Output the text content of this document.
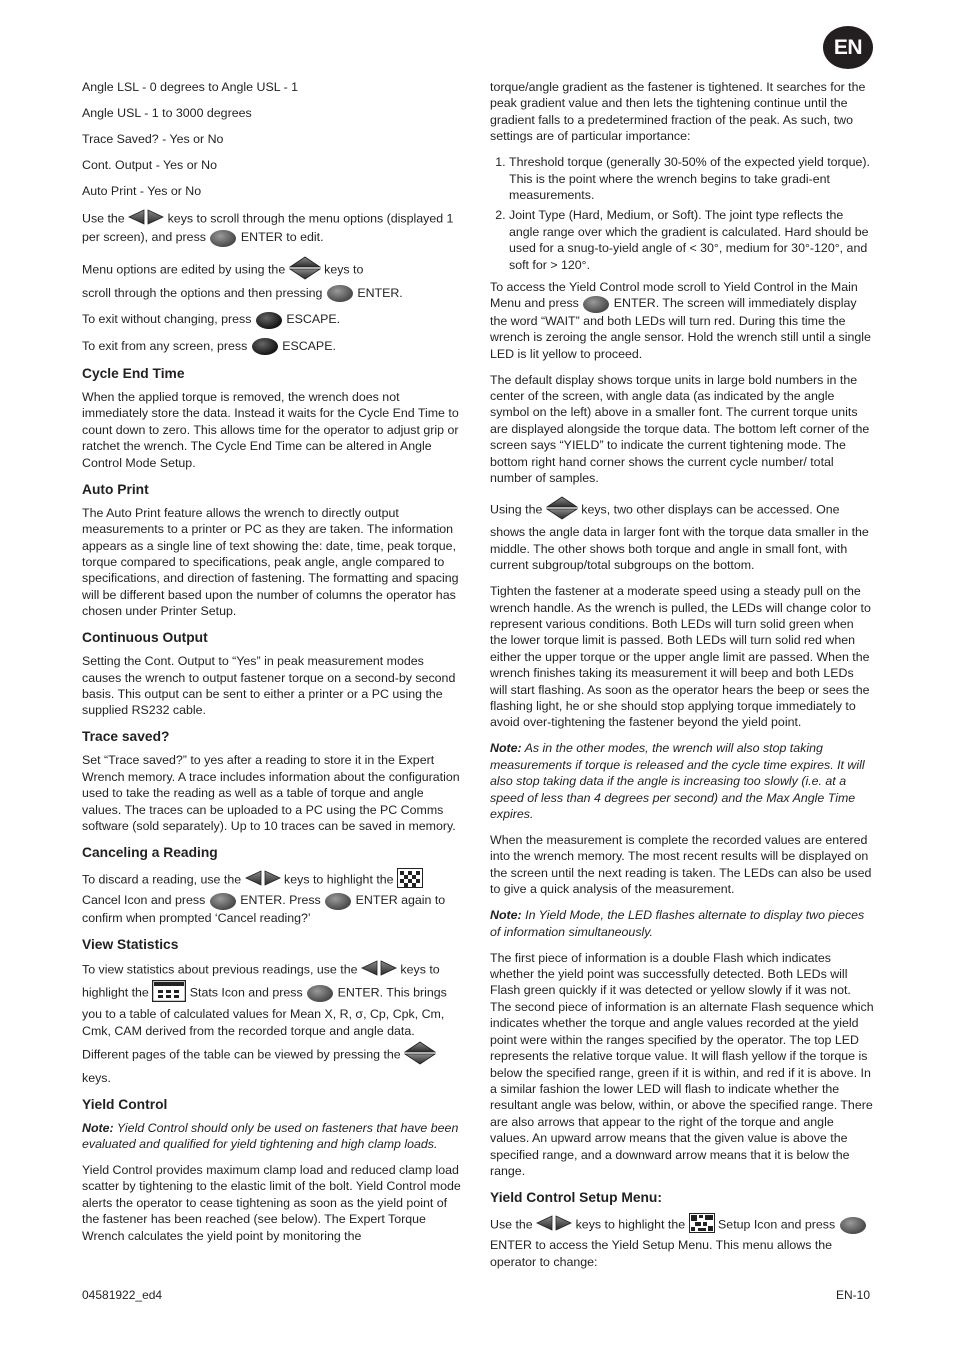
EN

Angle LSL - 0 degrees to Angle USL - 1

Angle USL - 1 to 3000 degrees

Trace Saved? - Yes or No

Cont. Output - Yes or No

Auto Print - Yes or No

Use the	keys to scroll through the menu options (displayed 1 per screen), and press	ENTER to edit.

Menu options are edited by using the	keys to
scroll through the options and then pressing	ENTER.

To exit without changing, press	ESCAPE.

To exit from any screen, press	ESCAPE.

Cycle End Time

When the applied torque is removed, the wrench does not immediately store the data. Instead it waits for the Cycle End Time to count down to zero. This allows time for the operator to adjust grip or ratchet the wrench. The Cycle End Time can be altered in Angle Control Mode Setup.

Auto Print

The Auto Print feature allows the wrench to directly output measurements to a printer or PC as they are taken. The information appears as a single line of text showing the: date, time, peak torque, torque compared to specifications, peak angle, angle compared to specifications, and direction of fastening. The formatting and spacing will be different based upon the number of columns the operator has chosen under Printer Setup.

Continuous Output

Setting the Cont. Output to “Yes” in peak measurement modes causes the wrench to output fastener torque on a second-by second basis. This output can be sent to either a printer or a PC using the supplied RS232 cable.

Trace saved?

Set “Trace saved?” to yes after a reading to store it in the Expert Wrench memory. A trace includes information about the configuration used to take the reading as well as a table of torque and angle values. The traces can be uploaded to a PC using the PC Comms software (sold separately). Up to 10 traces can be saved in memory.

Canceling a Reading

To discard a reading, use the	keys to highlight the  Cancel Icon and press	ENTER. Press	ENTER again to confirm when prompted ‘Cancel reading?’

View Statistics

To view statistics about previous readings, use the	keys to highlight the	Stats Icon and press	ENTER. This brings you to a table of calculated values for Mean X, R, σ, Cp, Cpk, Cm, Cmk, CAM derived from the recorded torque and angle data.

Different pages of the table can be viewed by pressing the
keys.

Yield Control

Note: Yield Control should only be used on fasteners that have been evaluated and qualified for yield tightening and high clamp loads.

Yield Control provides maximum clamp load and reduced clamp load scatter by tightening to the elastic limit of the bolt. Yield Control mode alerts the operator to cease tightening as soon as the yield point of the fastener has been reached (see below). The Expert Torque Wrench calculates the yield point by monitoring the

torque/angle gradient as the fastener is tightened. It searches for the peak gradient value and then lets the tightening continue until the gradient falls to a predetermined fraction of the peak. As such, two settings are of particular importance:

1. Threshold torque (generally 30-50% of the expected yield torque). This is the point where the wrench begins to take gradi-ent measurements.
2. Joint Type (Hard, Medium, or Soft). The joint type reflects the angle range over which the gradient is calculated. Hard should be used for a snug-to-yield angle of < 30°, medium for 30°-120°, and soft for > 120°.

To access the Yield Control mode scroll to Yield Control in the Main Menu and press	ENTER. The screen will immediately display the word “WAIT” and both LEDs will turn red. During this time the wrench is zeroing the angle sensor. Hold the wrench still until a single LED is lit yellow to proceed.

The default display shows torque units in large bold numbers in the center of the screen, with angle data (as indicated by the angle symbol on the left) above in a smaller font. The current torque units are displayed alongside the torque data. The bottom left corner of the screen says “YIELD” to indicate the current tightening mode. The bottom right hand corner shows the current cycle number/ total number of samples.

Using the	keys, two other displays can be accessed. One shows the angle data in larger font with the torque data smaller in the middle. The other shows both torque and angle in small font, with current subgroup/total subgroups on the bottom.

Tighten the fastener at a moderate speed using a steady pull on the wrench handle. As the wrench is pulled, the LEDs will change color to represent various conditions. Both LEDs will turn solid green when the lower torque limit is passed. Both LEDs will turn solid red when either the upper torque or the upper angle limit are passed. When the wrench finishes taking its measurement it will beep and both LEDs will start flashing. As soon as the operator hears the beep or sees the flashing light, he or she should stop applying torque immediately to avoid over-tightening the fastener beyond the yield point.

Note: As in the other modes, the wrench will also stop taking measurements if torque is released and the cycle time expires. It will also stop taking data if the angle is increasing too slowly (i.e. at a speed of less than 4 degrees per second) and the Max Angle Time expires.

When the measurement is complete the recorded values are entered into the wrench memory. The most recent results will be displayed on the screen until the next reading is taken. The LEDs can also be used to give a quick analysis of the measurement.

Note: In Yield Mode, the LED flashes alternate to display two pieces of information simultaneously.

The first piece of information is a double Flash which indicates whether the yield point was successfully detected. Both LEDs will Flash green quickly if it was detected or yellow slowly if it was not. The second piece of information is an alternate Flash sequence which indicates whether the torque and angle values recorded at the yield point were within the ranges specified by the operator. The top LED represents the relative torque value. It will flash yellow if the torque is below the specified range, green if it is within, and red if it is above. In a similar fashion the lower LED will flash to indicate whether the resultant angle was below, within, or above the specified range. There are also arrows that appear to the right of the torque and angle values. An upward arrow means that the given value is above the specified range, and a downward arrow means that it is below the range.

Yield Control Setup Menu:

Use the	keys to highlight the	Setup Icon and press  ENTER to access the Yield Setup Menu. This menu allows the operator to change:

04581922_ed4	EN-10
